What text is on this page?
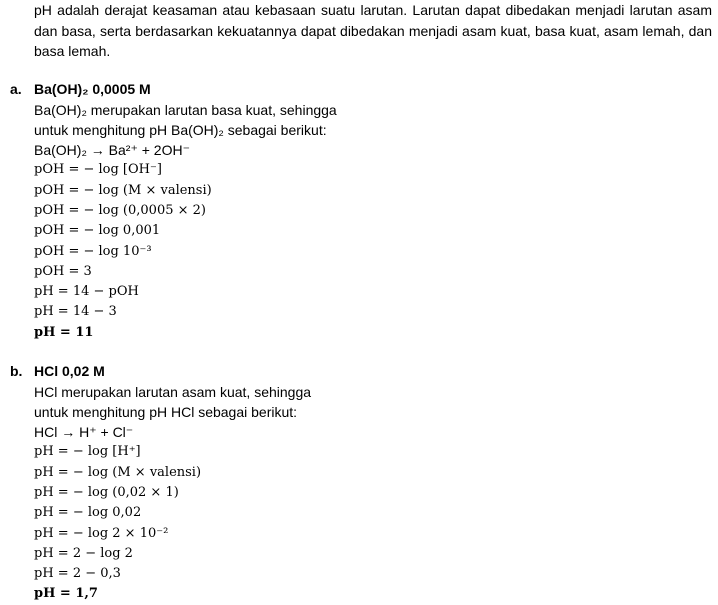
pH adalah derajat keasaman atau kebasaan suatu larutan. Larutan dapat dibedakan menjadi larutan asam dan basa, serta berdasarkan kekuatannya dapat dibedakan menjadi asam kuat, basa kuat, asam lemah, dan basa lemah.
a. Ba(OH)₂ 0,0005 M
Ba(OH)₂ merupakan larutan basa kuat, sehingga
untuk menghitung pH Ba(OH)₂ sebagai berikut:
Ba(OH)₂ → Ba²⁺ + 2OH⁻
pOH = − log [OH⁻]
pOH = − log (M × valensi)
pOH = − log (0,0005 × 2)
pOH = − log 0,001
pOH = − log 10⁻³
pOH = 3
pH = 14 − pOH
pH = 14 − 3
pH = 11
b. HCl 0,02 M
HCl merupakan larutan asam kuat, sehingga
untuk menghitung pH HCl sebagai berikut:
HCl → H⁺ + Cl⁻
pH = − log [H⁺]
pH = − log (M × valensi)
pH = − log (0,02 × 1)
pH = − log 0,02
pH = − log 2 × 10⁻²
pH = 2 − log 2
pH = 2 − 0,3
pH = 1,7
